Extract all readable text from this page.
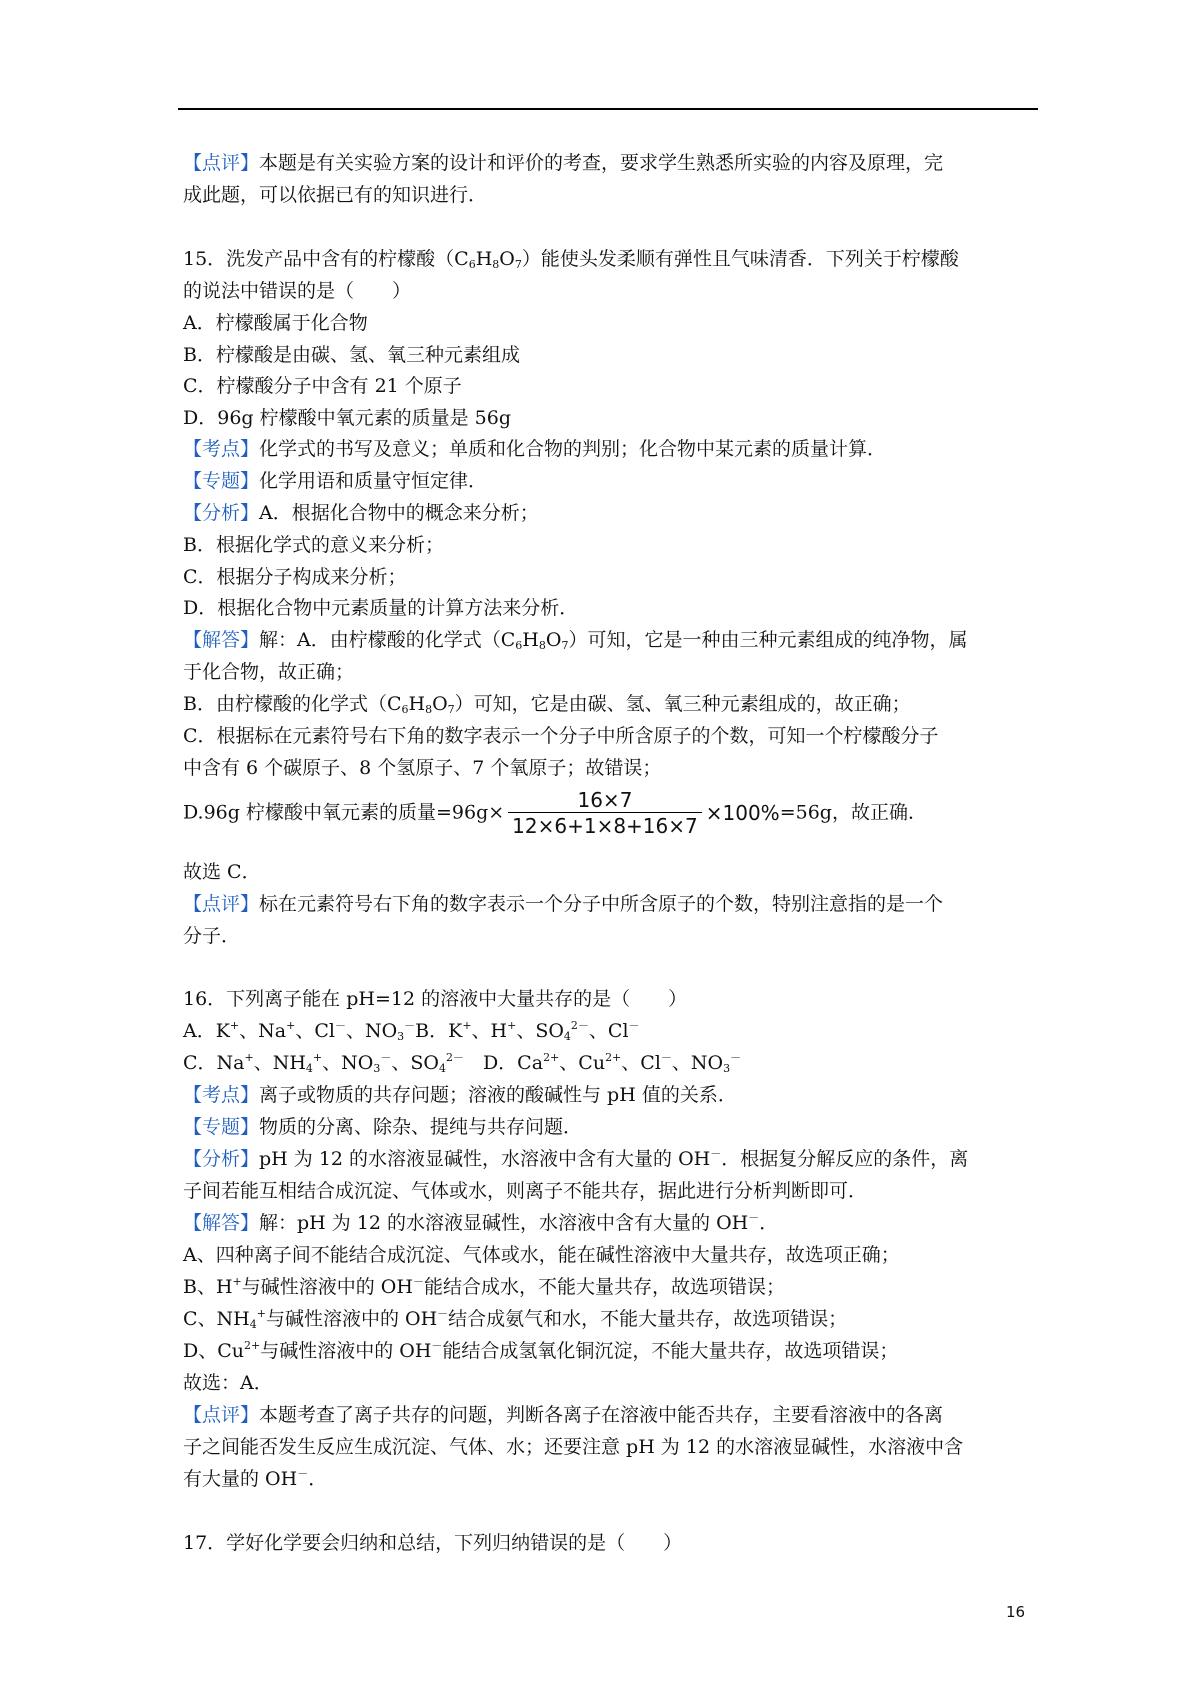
【点评】本题是有关实验方案的设计和评价的考查，要求学生熟悉所实验的内容及原理，完
成此题，可以依据已有的知识进行．
15．洗发产品中含有的柠檬酸$(C_6H_8O_7)$能使头发柔顺有弹性且气味清香．下列关于柠檬酸
的说法中错误的是（　　）
A．柠檬酸属于化合物
B．柠檬酸是由碳、氢、氧三种元素组成
C．柠檬酸分子中含有 21 个原子
D．96g 柠檬酸中氧元素的质量是 56g
【考点】化学式的书写及意义；单质和化合物的判别；化合物中某元素的质量计算．
【专题】化学用语和质量守恒定律．
【分析】A．根据化合物中的概念来分析；
B．根据化学式的意义来分析；
C．根据分子构成来分析；
D．根据化合物中元素质量的计算方法来分析．
【解答】解：A．由柠檬酸的化学式$(C_6H_8O_7)$可知，它是一种由三种元素组成的纯净物，属
于化合物，故正确；
B．由柠檬酸的化学式$(C_6H_8O_7)$可知，它是由碳、氢、氧三种元素组成的，故正确；
C．根据标在元素符号右下角的数字表示一个分子中所含原子的个数，可知一个柠檬酸分子
中含有 6 个碳原子、8 个氢原子、7 个氧原子；故错误；
D.96g 柠檬酸中氧元素的质量$=96g\times \frac{16\times 7}{12\times 6+1\times 8+16\times 7} \times 100\%=56g$，故正确．
故选 C．
【点评】标在元素符号右下角的数字表示一个分子中所含原子的个数，特别注意指的是一个
分子．
16．下列离子能在 pH=12 的溶液中大量共存的是（　　）
A．K+、Na+、Cl－、$NO_3^-B$．K+、H+、$SO_4^{2-}$、Cl－
C．Na+、$NH_4^+$、$NO_3^-$、$SO_4^{2-}$　 D．$Ca^{2+}$、$Cu^{2+}$、Cl－、$NO_3^-$
【考点】离子或物质的共存问题；溶液的酸碱性与 pH 值的关系．
【专题】物质的分离、除杂、提纯与共存问题．
【分析】pH 为 12 的水溶液显碱性，水溶液中含有大量的 OH－．根据复分解反应的条件，离
子间若能互相结合成沉淀、气体或水，则离子不能共存，据此进行分析判断即可．
【解答】解：pH 为 12 的水溶液显碱性，水溶液中含有大量的 OH－．
A、四种离子间不能结合成沉淀、气体或水，能在碱性溶液中大量共存，故选项正确；
B、H+与碱性溶液中的 OH－能结合成水，不能大量共存，故选项错误；
C、$NH_4^+$与碱性溶液中的 OH－结合成氨气和水，不能大量共存，故选项错误；
D、$Cu^{2+}$与碱性溶液中的 OH－能结合成氢氧化铜沉淀，不能大量共存，故选项错误；
故选：A．
【点评】本题考查了离子共存的问题，判断各离子在溶液中能否共存，主要看溶液中的各离
子之间能否发生反应生成沉淀、气体、水；还要注意 pH 为 12 的水溶液显碱性，水溶液中含
有大量的 OH－．
17．学好化学要会归纳和总结，下列归纳错误的是（　　）
16
